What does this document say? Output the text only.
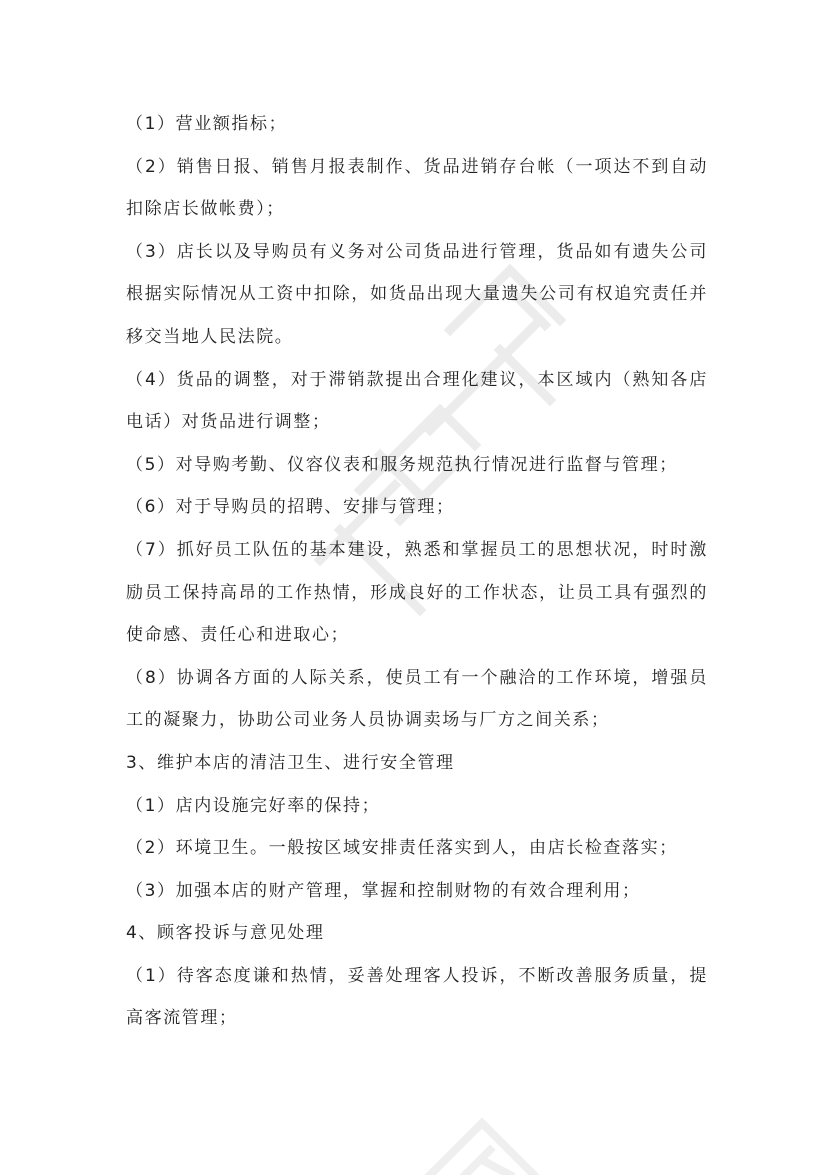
（1）营业额指标；

（2）销售日报、销售月报表制作、货品进销存台帐（一项达不到自动扣除店长做帐费）；

（3）店长以及导购员有义务对公司货品进行管理，货品如有遗失公司根据实际情况从工资中扣除，如货品出现大量遗失公司有权追究责任并移交当地人民法院。

（4）货品的调整，对于滞销款提出合理化建议，本区域内（熟知各店电话）对货品进行调整；

（5）对导购考勤、仪容仪表和服务规范执行情况进行监督与管理；

（6）对于导购员的招聘、安排与管理；

（7）抓好员工队伍的基本建设，熟悉和掌握员工的思想状况，时时激励员工保持高昂的工作热情，形成良好的工作状态，让员工具有强烈的使命感、责任心和进取心；

（8）协调各方面的人际关系，使员工有一个融洽的工作环境，增强员工的凝聚力，协助公司业务人员协调卖场与厂方之间关系；

3、维护本店的清洁卫生、进行安全管理

（1）店内设施完好率的保持；

（2）环境卫生。一般按区域安排责任落实到人，由店长检查落实；

（3）加强本店的财产管理，掌握和控制财物的有效合理利用；

4、顾客投诉与意见处理

（1）待客态度谦和热情，妥善处理客人投诉，不断改善服务质量，提高客流管理；
